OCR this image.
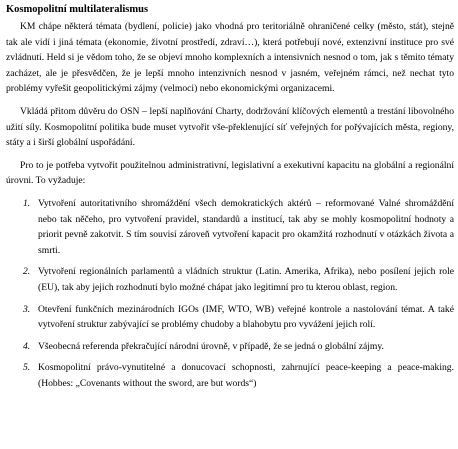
Kosmopolitní multilateralismus

KM chápe některá témata (bydlení, policie) jako vhodná pro teritoriálně ohraničené celky (město, stát), stejně tak ale vidí i jiná témata (ekonomie, životní prostředí, zdraví…), která potřebují nové, extenzivní instituce pro své zvládnutí. Held si je vědom toho, že se objeví mnoho komplexních a intensivních nesnod o tom, jak s těmito tématy zacházet, ale je přesvědčen, že je lepší mnoho intenzivních nesnod v jasném, veřejném rámci, než nechat tyto problémy vyřešit geopolitickými zájmy (velmoci) nebo ekonomickými organizacemi.

Vkládá přitom důvěru do OSN – lepší naplňování Charty, dodržování klíčových elementů a trestání libovolného užití síly. Kosmopolitní politika bude muset vytvořit vše-překlenující síť veřejných for pořývajících města, regiony, státy a i širší globální uspořádání.

Pro to je potřeba vytvořit použitelnou administrativní, legislativní a exekutivní kapacitu na globální a regionální úrovni. To vyžaduje:

1. Vytvoření autoritativního shromáždění všech demokratických aktérů – reformované Valné shromáždění nebo tak něčeho, pro vytvoření pravidel, standardů a institucí, tak aby se mohly kosmopolitní hodnoty a priorit pevně zakotvit. S tím souvisí zároveň vytvoření kapacit pro okamžitá rozhodnutí v otázkách života a smrti.
2. Vytvoření regionálních parlamentů a vládních struktur (Latin. Amerika, Afrika), nebo posílení jejich role (EU), tak aby jejich rozhodnutí bylo možné chápat jako legitimní pro tu kterou oblast, region.
3. Otevření funkčních mezinárodních IGOs (IMF, WTO, WB) veřejné kontrole a nastolování témat. A také vytvoření struktur zabývající se problémy chudoby a blahobytu pro vyvážení jejich rolí.
4. Všeobecná referenda překračující národní úrovně, v případě, že se jedná o globální zájmy.
5. Kosmopolitní právo-vynutitelné a donucovací schopnosti, zahrnující peace-keeping a peace-making. (Hobbes: „Covenants without the sword, are but words“)
